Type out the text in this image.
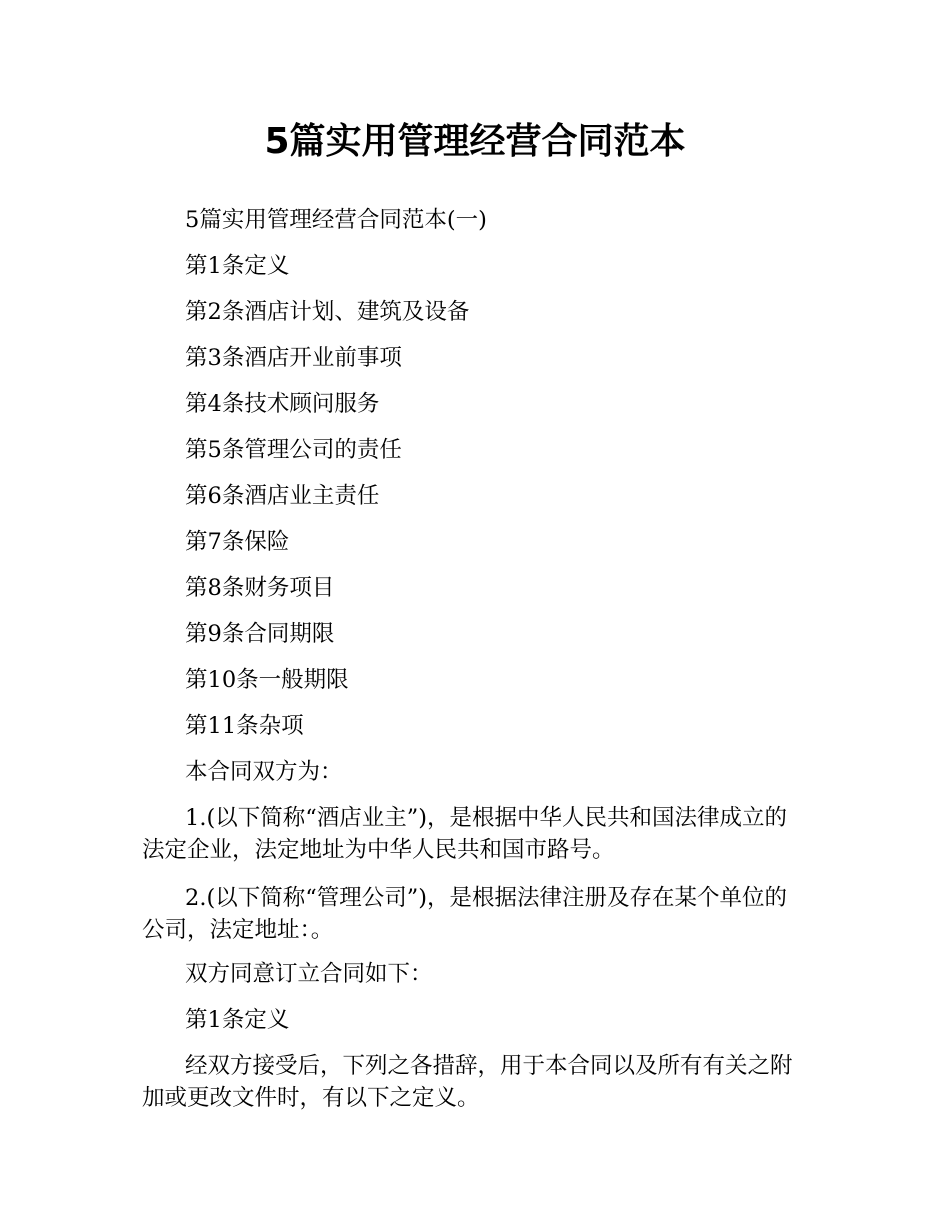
5篇实用管理经营合同范本

5篇实用管理经营合同范本(一)

第1条定义

第2条酒店计划、建筑及设备

第3条酒店开业前事项

第4条技术顾问服务

第5条管理公司的责任

第6条酒店业主责任

第7条保险

第8条财务项目

第9条合同期限

第10条一般期限

第11条杂项

本合同双方为：

1.(以下简称“酒店业主”)，是根据中华人民共和国法律成立的法定企业，法定地址为中华人民共和国市路号。

2.(以下简称“管理公司”)，是根据法律注册及存在某个单位的公司，法定地址：。

双方同意订立合同如下：

第1条定义

经双方接受后，下列之各措辞，用于本合同以及所有有关之附加或更改文件时，有以下之定义。
